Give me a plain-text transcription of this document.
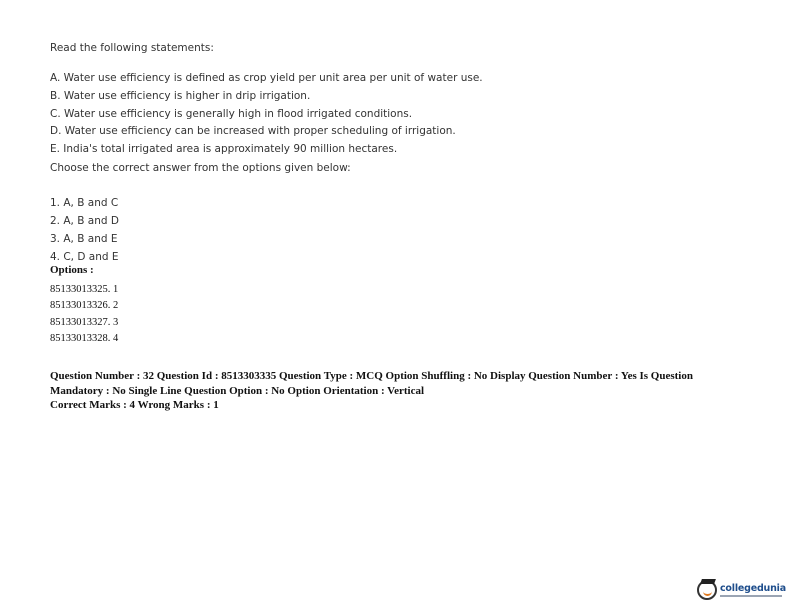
Read the following statements:

A. Water use efficiency is defined as crop yield per unit area per unit of water use.

B. Water use efficiency is higher in drip irrigation.

C. Water use efficiency is generally high in flood irrigated conditions.

D. Water use efficiency can be increased with proper scheduling of irrigation.

E. India's total irrigated area is approximately 90 million hectares.

Choose the correct answer from the options given below:

1. A, B and C

2. A, B and D

3. A, B and E

4. C, D and E

Options :
85133013325. 1
85133013326. 2
85133013327. 3
85133013328. 4

Question Number : 32 Question Id : 8513303335 Question Type : MCQ Option Shuffling : No Display Question Number : Yes Is Question Mandatory : No Single Line Question Option : No Option Orientation : Vertical

Correct Marks : 4 Wrong Marks : 1

collegedunia
